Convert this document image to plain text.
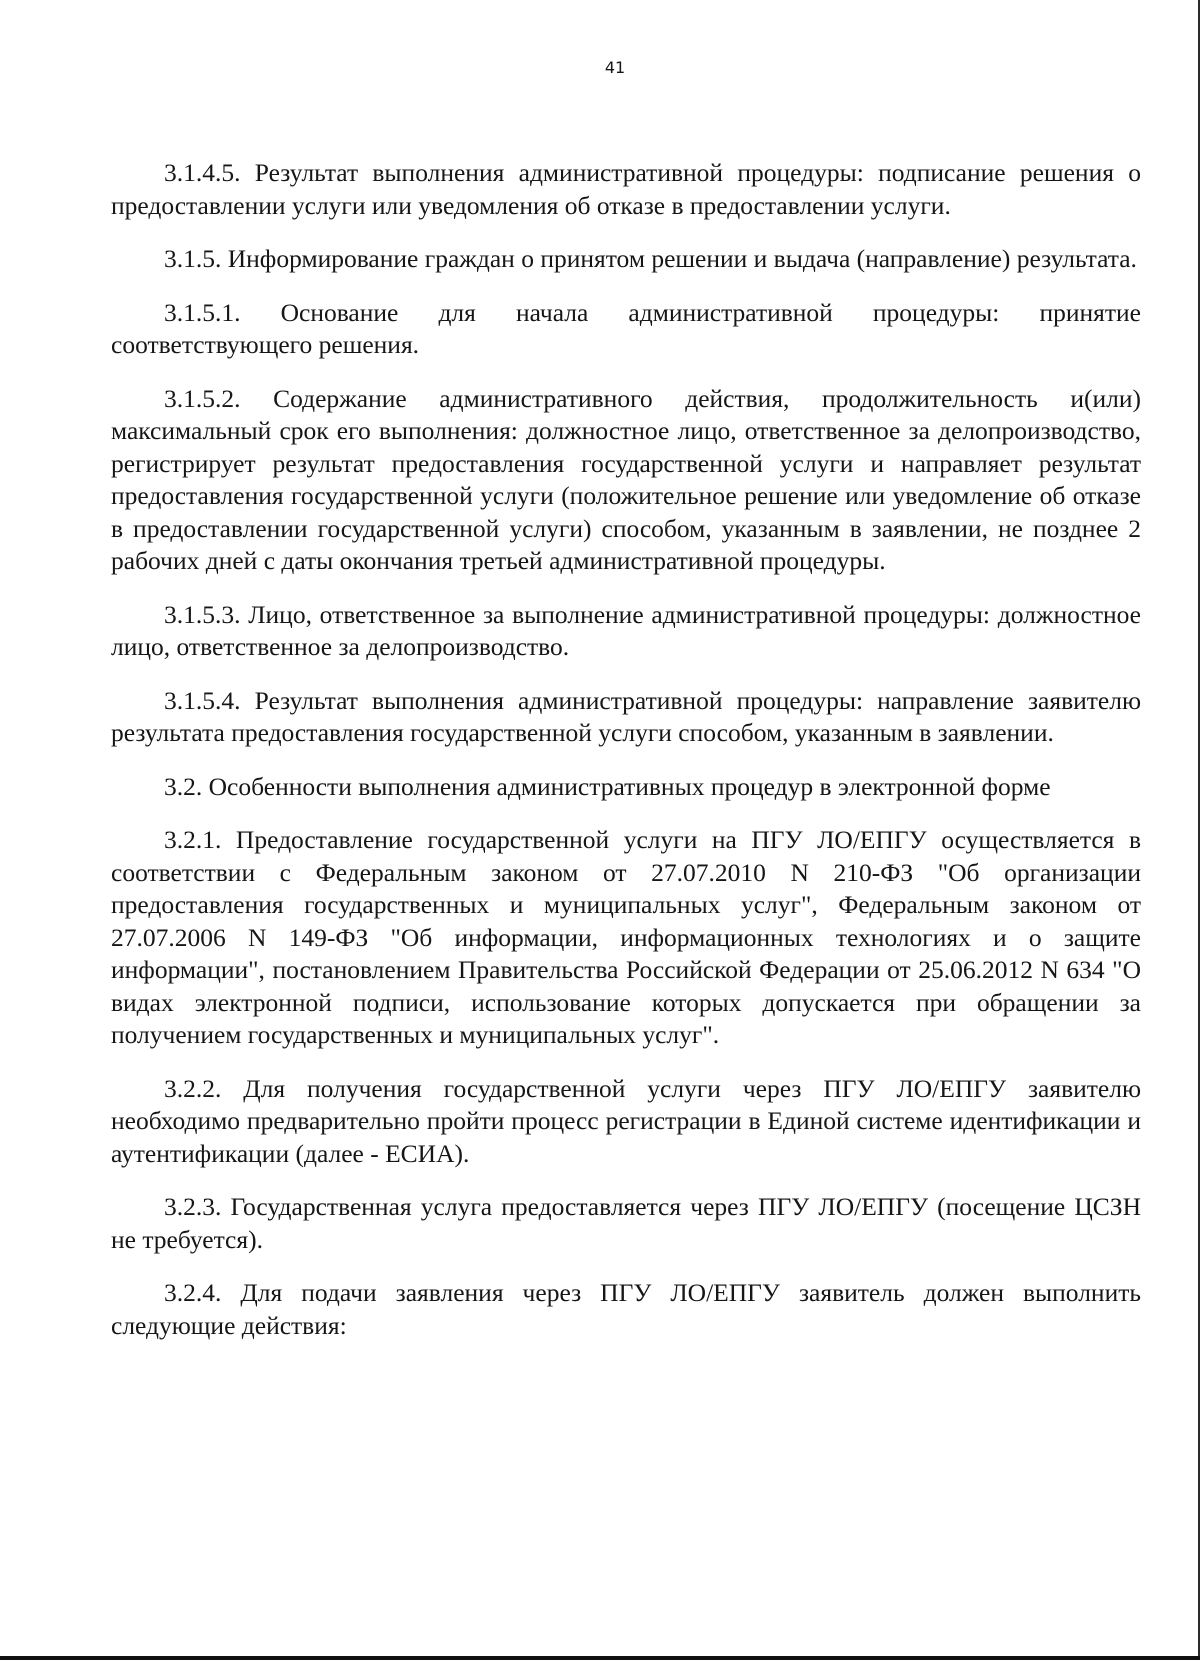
41

3.1.4.5. Результат выполнения административной процедуры: подписание решения о предоставлении услуги или уведомления об отказе в предоставлении услуги.

3.1.5. Информирование граждан о принятом решении и выдача (направление) результата.

3.1.5.1. Основание для начала административной процедуры: принятие соответствующего решения.

3.1.5.2. Содержание административного действия, продолжительность и(или) максимальный срок его выполнения: должностное лицо, ответственное за делопроизводство, регистрирует результат предоставления государственной услуги и направляет результат предоставления государственной услуги (положительное решение или уведомление об отказе в предоставлении государственной услуги) способом, указанным в заявлении, не позднее 2 рабочих дней с даты окончания третьей административной процедуры.

3.1.5.3. Лицо, ответственное за выполнение административной процедуры: должностное лицо, ответственное за делопроизводство.

3.1.5.4. Результат выполнения административной процедуры: направление заявителю результата предоставления государственной услуги способом, указанным в заявлении.

3.2. Особенности выполнения административных процедур в электронной форме

3.2.1. Предоставление государственной услуги на ПГУ ЛО/ЕПГУ осуществляется в соответствии с Федеральным законом от 27.07.2010 N 210-ФЗ "Об организации предоставления государственных и муниципальных услуг", Федеральным законом от 27.07.2006 N 149-ФЗ "Об информации, информационных технологиях и о защите информации", постановлением Правительства Российской Федерации от 25.06.2012 N 634 "О видах электронной подписи, использование которых допускается при обращении за получением государственных и муниципальных услуг".

3.2.2. Для получения государственной услуги через ПГУ ЛО/ЕПГУ заявителю необходимо предварительно пройти процесс регистрации в Единой системе идентификации и аутентификации (далее - ЕСИА).

3.2.3. Государственная услуга предоставляется через ПГУ ЛО/ЕПГУ (посещение ЦСЗН не требуется).

3.2.4. Для подачи заявления через ПГУ ЛО/ЕПГУ заявитель должен выполнить следующие действия:
